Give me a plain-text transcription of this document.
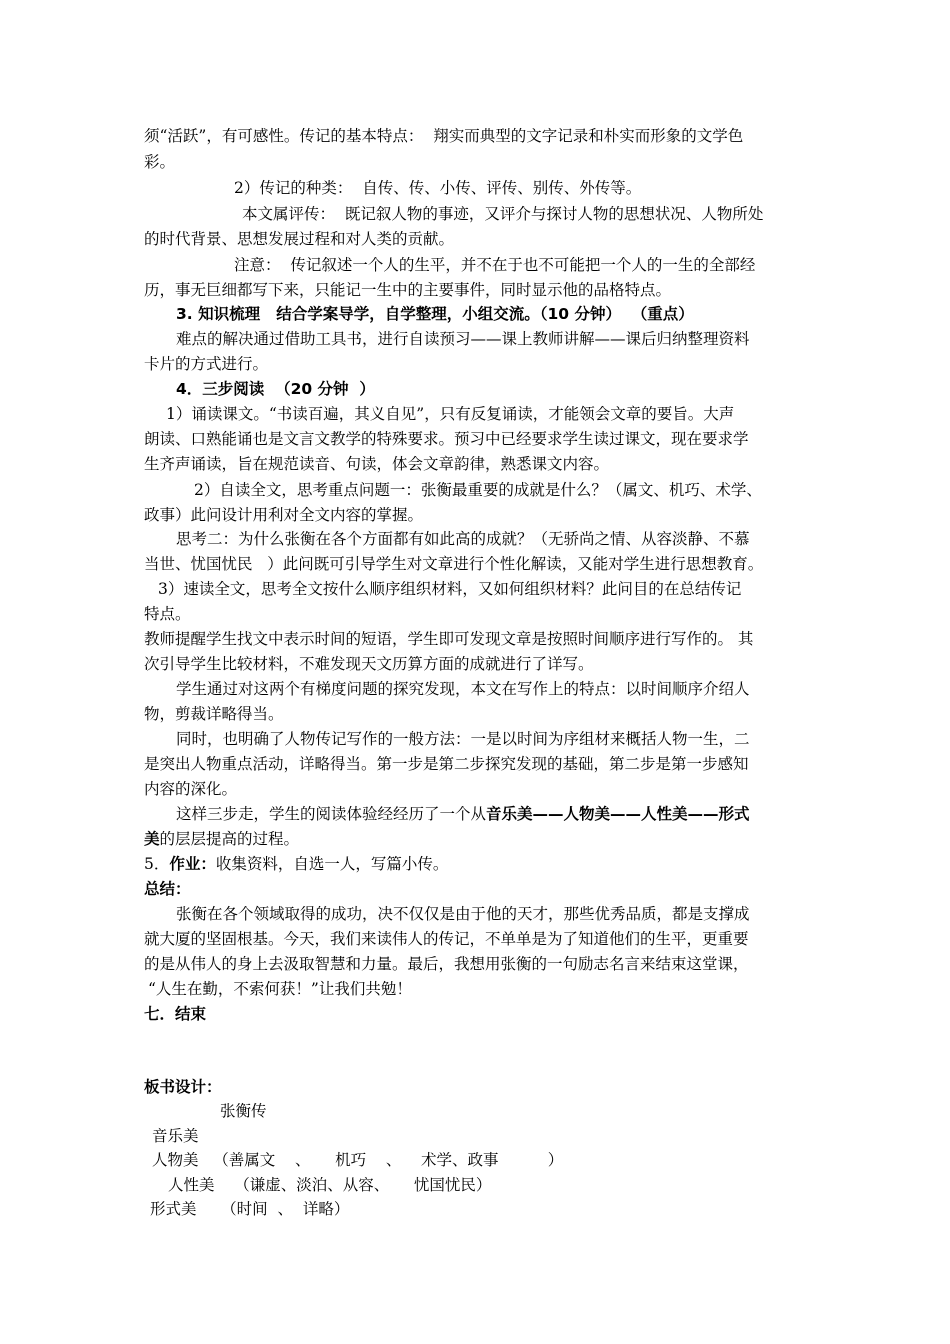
须“活跃”，有可感性。传记的基本特点：  翔实而典型的文字记录和朴实而形象的文学色
彩。
2）传记的种类：  自传、传、小传、评传、别传、外传等。
本文属评传：  既记叙人物的事迹，又评介与探讨人物的思想状况、人物所处
的时代背景、思想发展过程和对人类的贡献。
注意：  传记叙述一个人的生平，并不在于也不可能把一个人的一生的全部经
历，事无巨细都写下来，只能记一生中的主要事件，同时显示他的品格特点。
3. 知识梳理   结合学案导学，自学整理，小组交流。（10 分钟）  （重点）
难点的解决通过借助工具书，进行自读预习——课上教师讲解——课后归纳整理资料
卡片的方式进行。
4．三步阅读  （20 分钟  ）
1）诵读课文。“书读百遍，其义自见”，只有反复诵读，才能领会文章的要旨。大声
朗读、口熟能诵也是文言文教学的特殊要求。预习中已经要求学生读过课文，现在要求学
生齐声诵读，旨在规范读音、句读，体会文章韵律，熟悉课文内容。
2）自读全文，思考重点问题一：张衡最重要的成就是什么？（属文、机巧、术学、
政事）此问设计用利对全文内容的掌握。
思考二：为什么张衡在各个方面都有如此高的成就？（无骄尚之情、从容淡静、不慕
当世、忧国忧民   ）此问既可引导学生对文章进行个性化解读，又能对学生进行思想教育。
3）速读全文，思考全文按什么顺序组织材料，又如何组织材料？此问目的在总结传记
特点。
教师提醒学生找文中表示时间的短语，学生即可发现文章是按照时间顺序进行写作的。 其
次引导学生比较材料，不难发现天文历算方面的成就进行了详写。
学生通过对这两个有梯度问题的探究发现，本文在写作上的特点：以时间顺序介绍人
物，剪裁详略得当。
同时，也明确了人物传记写作的一般方法：一是以时间为序组材来概括人物一生，二
是突出人物重点活动，详略得当。第一步是第二步探究发现的基础，第二步是第一步感知
内容的深化。
这样三步走，学生的阅读体验经经历了一个从音乐美——人物美——人性美——形式
美的层层提高的过程。
5．作业：收集资料，自选一人，写篇小传。
总结：
张衡在各个领域取得的成功，决不仅仅是由于他的天才，那些优秀品质，都是支撑成
就大厦的坚固根基。今天，我们来读伟人的传记，不单单是为了知道他们的生平，更重要
的是从伟人的身上去汲取智慧和力量。最后，我想用张衡的一句励志名言来结束这堂课，
“人生在勤，不索何获！”让我们共勉！
七．结束
板书设计：
张衡传
音乐美
人物美   （善属文    、     机巧    、    术学、政事          ）
人性美    （谦虚、淡泊、从容、     忧国忧民）
形式美     （时间  、  详略）
